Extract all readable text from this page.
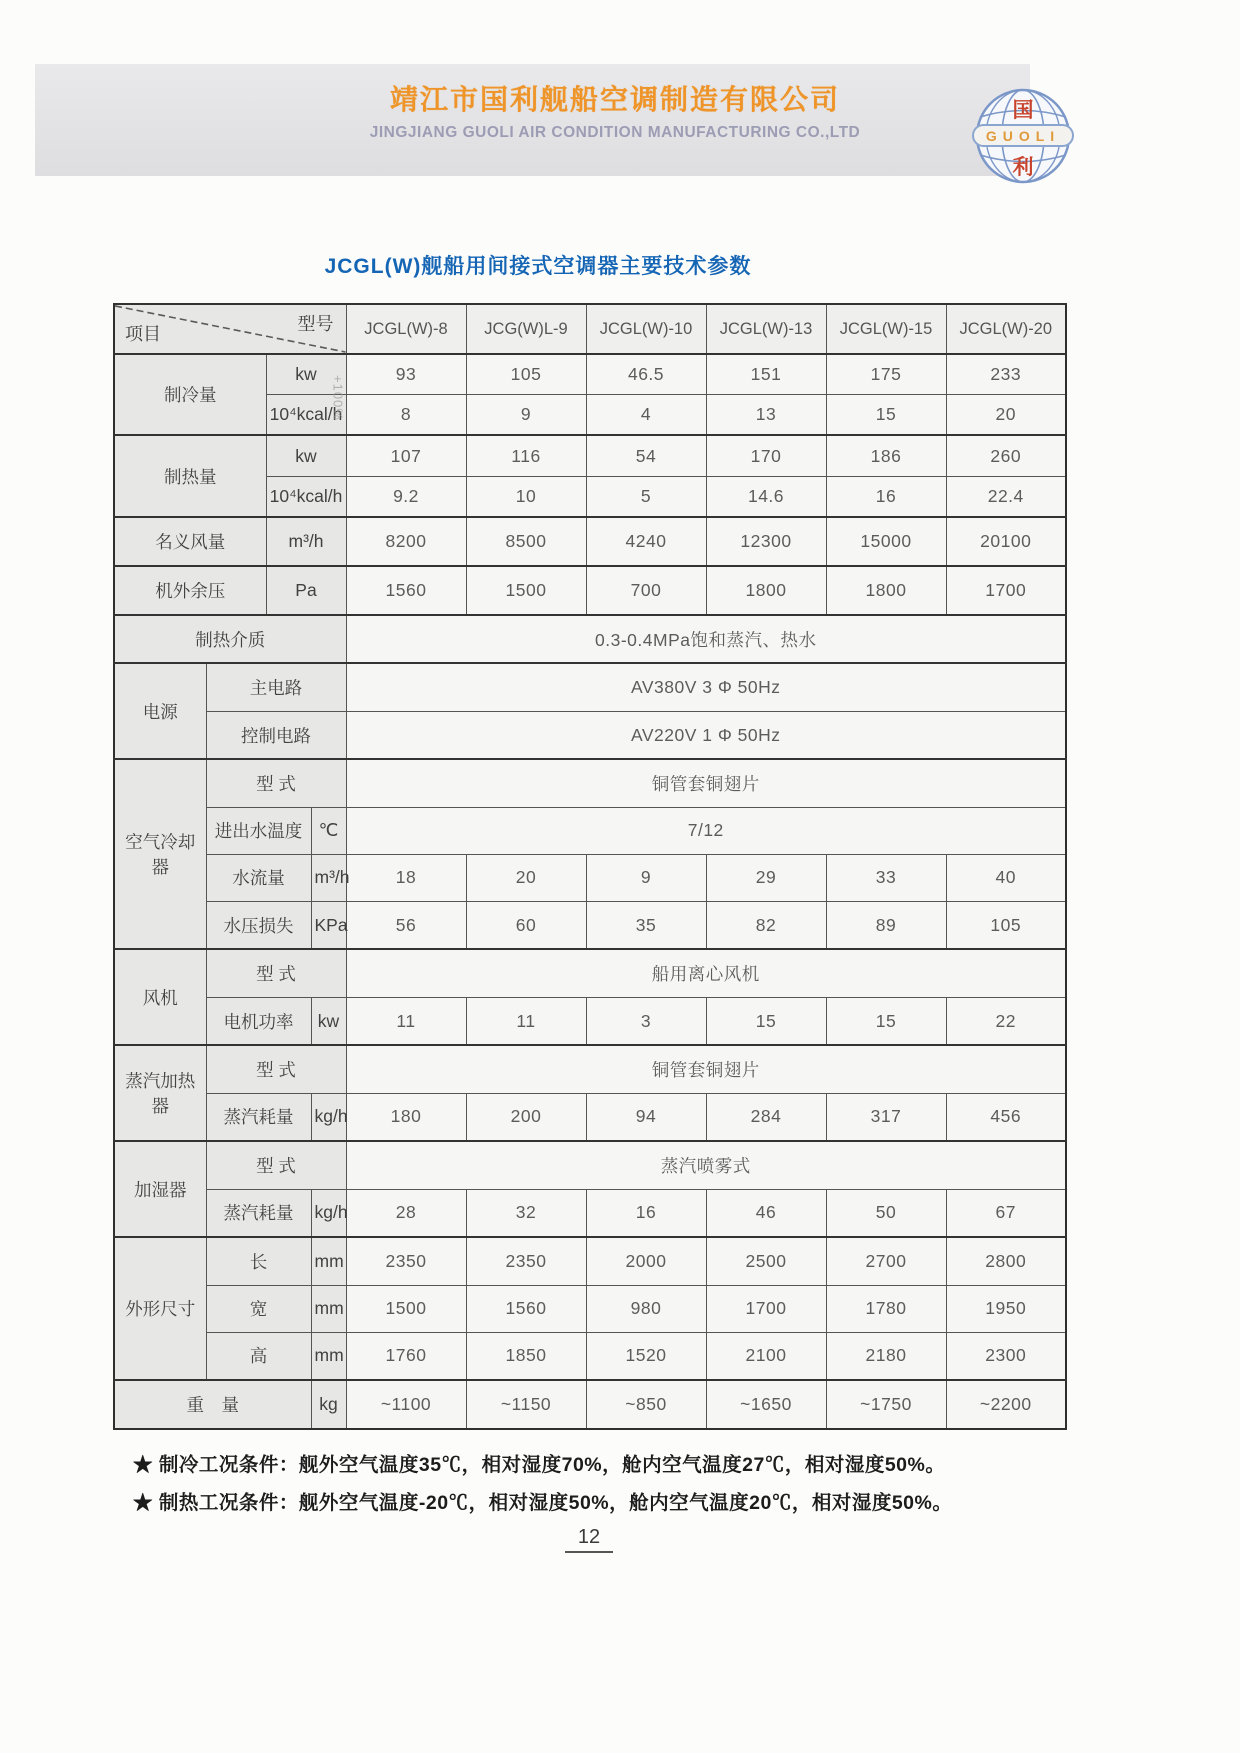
靖江市国利舰船空调制造有限公司
JINGJIANG GUOLI AIR CONDITION MANUFACTURING CO.,LTD
国
GUOLI
利
JCGL(W)舰船用间接式空调器主要技术参数
项目 型号
+100%				JCGL(W)-8	JCG(W)L-9	JCGL(W)-10	JCGL(W)-13	JCGL(W)-15	JCGL(W)-20
制冷量		kw		93	105	46.5	151	175	233
		10⁴kcal/h		8	9	4	13	15	20
制热量		kw		107	116	54	170	186	260
		10⁴kcal/h		9.2	10	5	14.6	16	22.4
名义风量		m³/h		8200	8500	4240	12300	15000	20100
机外余压		Pa		1560	1500	700	1800	1800	1700
制热介质				0.3-0.4MPa饱和蒸汽、热水					
电源	主电路			AV380V 3 Φ 50Hz					
	控制电路			AV220V 1 Φ 50Hz					
空气冷却器	型 式			铜管套铜翅片					
	进出水温度		℃	7/12					
	水流量		m³/h	18	20	9	29	33	40
	水压损失		KPa	56	60	35	82	89	105
风机	型 式			船用离心风机					
	电机功率		kw	11	11	3	15	15	22
蒸汽加热器	型 式			铜管套铜翅片					
	蒸汽耗量		kg/h	180	200	94	284	317	456
加湿器	型 式			蒸汽喷雾式					
	蒸汽耗量		kg/h	28	32	16	46	50	67
外形尺寸	长		mm	2350	2350	2000	2500	2700	2800
	宽		mm	1500	1560	980	1700	1780	1950
	高		mm	1760	1850	1520	2100	2180	2300
重　量			kg	~1100	~1150	~850	~1650	~1750	~2200
★ 制冷工况条件：舰外空气温度35℃，相对湿度70%，舱内空气温度27℃，相对湿度50%。
★ 制热工况条件：舰外空气温度-20℃，相对湿度50%，舱内空气温度20℃，相对湿度50%。
12
